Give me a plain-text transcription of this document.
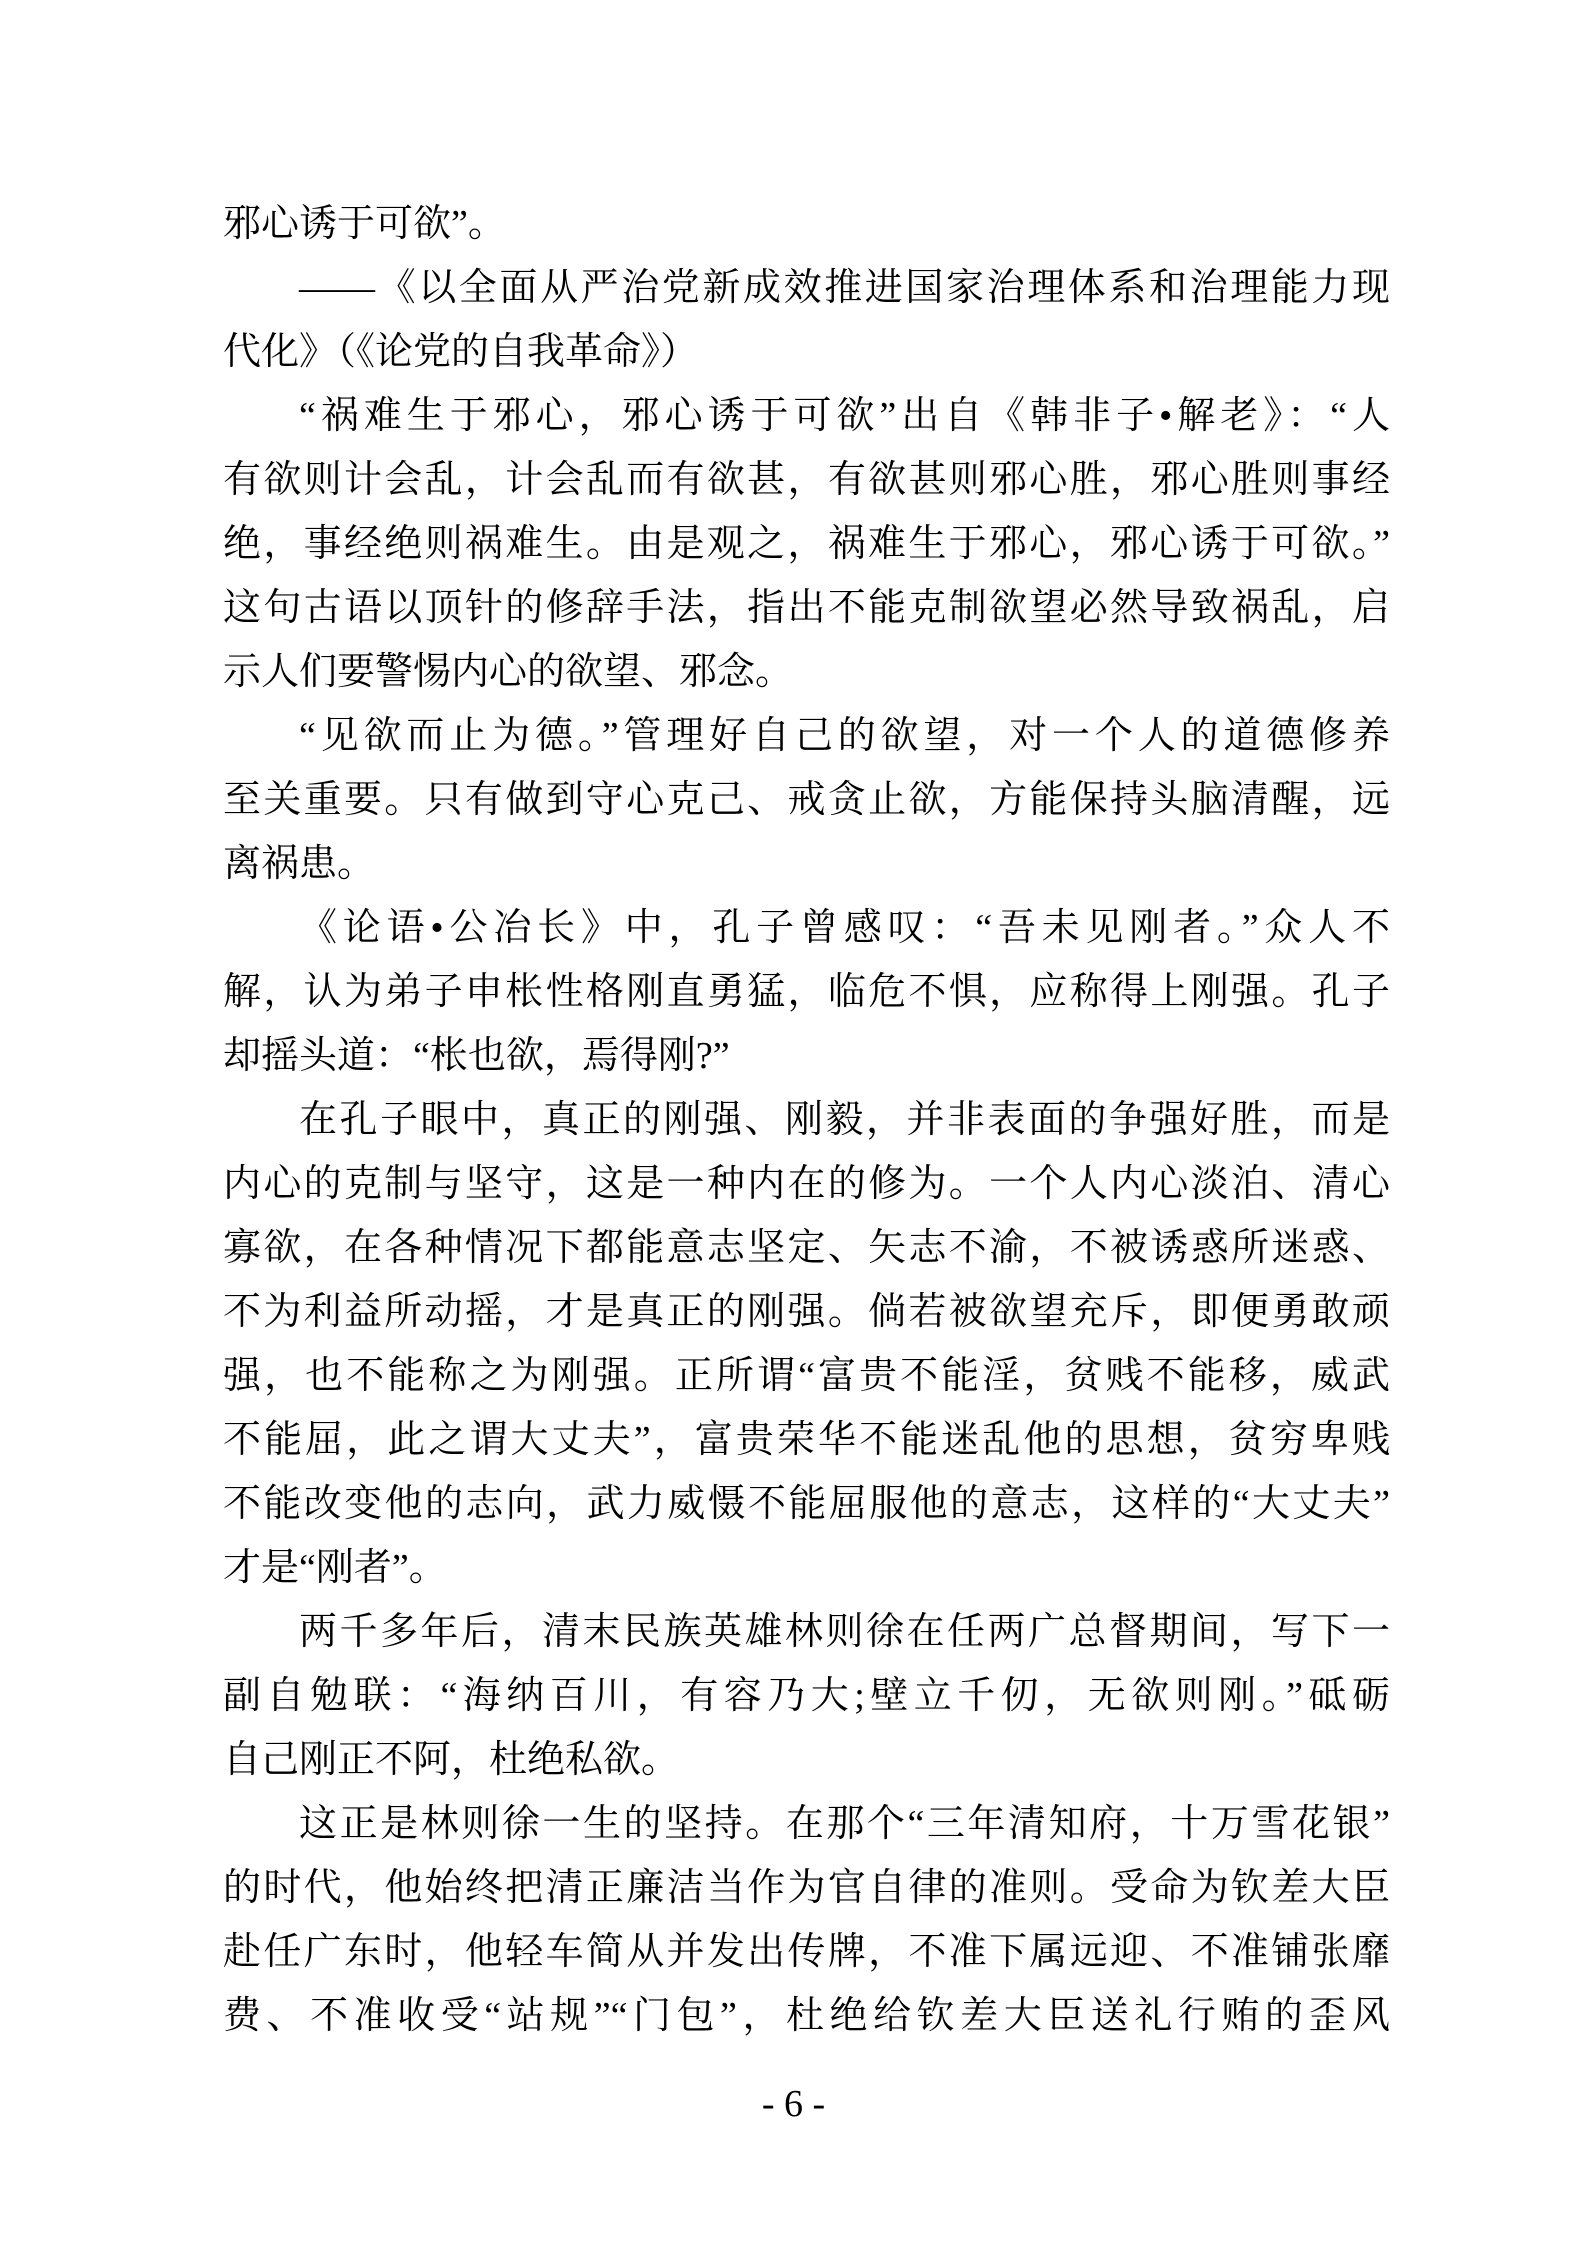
邪心诱于可欲”。
——《以全面从严治党新成效推进国家治理体系和治理能力现
代化》（《论党的自我革命》）
“祸难生于邪心，邪心诱于可欲”出自《韩非子•解老》：“人
有欲则计会乱，计会乱而有欲甚，有欲甚则邪心胜，邪心胜则事经
绝，事经绝则祸难生。由是观之，祸难生于邪心，邪心诱于可欲。”
这句古语以顶针的修辞手法，指出不能克制欲望必然导致祸乱，启
示人们要警惕内心的欲望、邪念。
“见欲而止为德。”管理好自己的欲望，对一个人的道德修养
至关重要。只有做到守心克己、戒贪止欲，方能保持头脑清醒，远
离祸患。
《论语•公冶长》中，孔子曾感叹：“吾未见刚者。”众人不
解，认为弟子申枨性格刚直勇猛，临危不惧，应称得上刚强。孔子
却摇头道：“枨也欲，焉得刚?”
在孔子眼中，真正的刚强、刚毅，并非表面的争强好胜，而是
内心的克制与坚守，这是一种内在的修为。一个人内心淡泊、清心
寡欲，在各种情况下都能意志坚定、矢志不渝，不被诱惑所迷惑、
不为利益所动摇，才是真正的刚强。倘若被欲望充斥，即便勇敢顽
强，也不能称之为刚强。正所谓“富贵不能淫，贫贱不能移，威武
不能屈，此之谓大丈夫”，富贵荣华不能迷乱他的思想，贫穷卑贱
不能改变他的志向，武力威慑不能屈服他的意志，这样的“大丈夫”
才是“刚者”。
两千多年后，清末民族英雄林则徐在任两广总督期间，写下一
副自勉联：“海纳百川，有容乃大;壁立千仞，无欲则刚。”砥砺
自己刚正不阿，杜绝私欲。
这正是林则徐一生的坚持。在那个“三年清知府，十万雪花银”
的时代，他始终把清正廉洁当作为官自律的准则。受命为钦差大臣
赴任广东时，他轻车简从并发出传牌，不准下属远迎、不准铺张靡
费、不准收受“站规”“门包”，杜绝给钦差大臣送礼行贿的歪风
- 6 -
